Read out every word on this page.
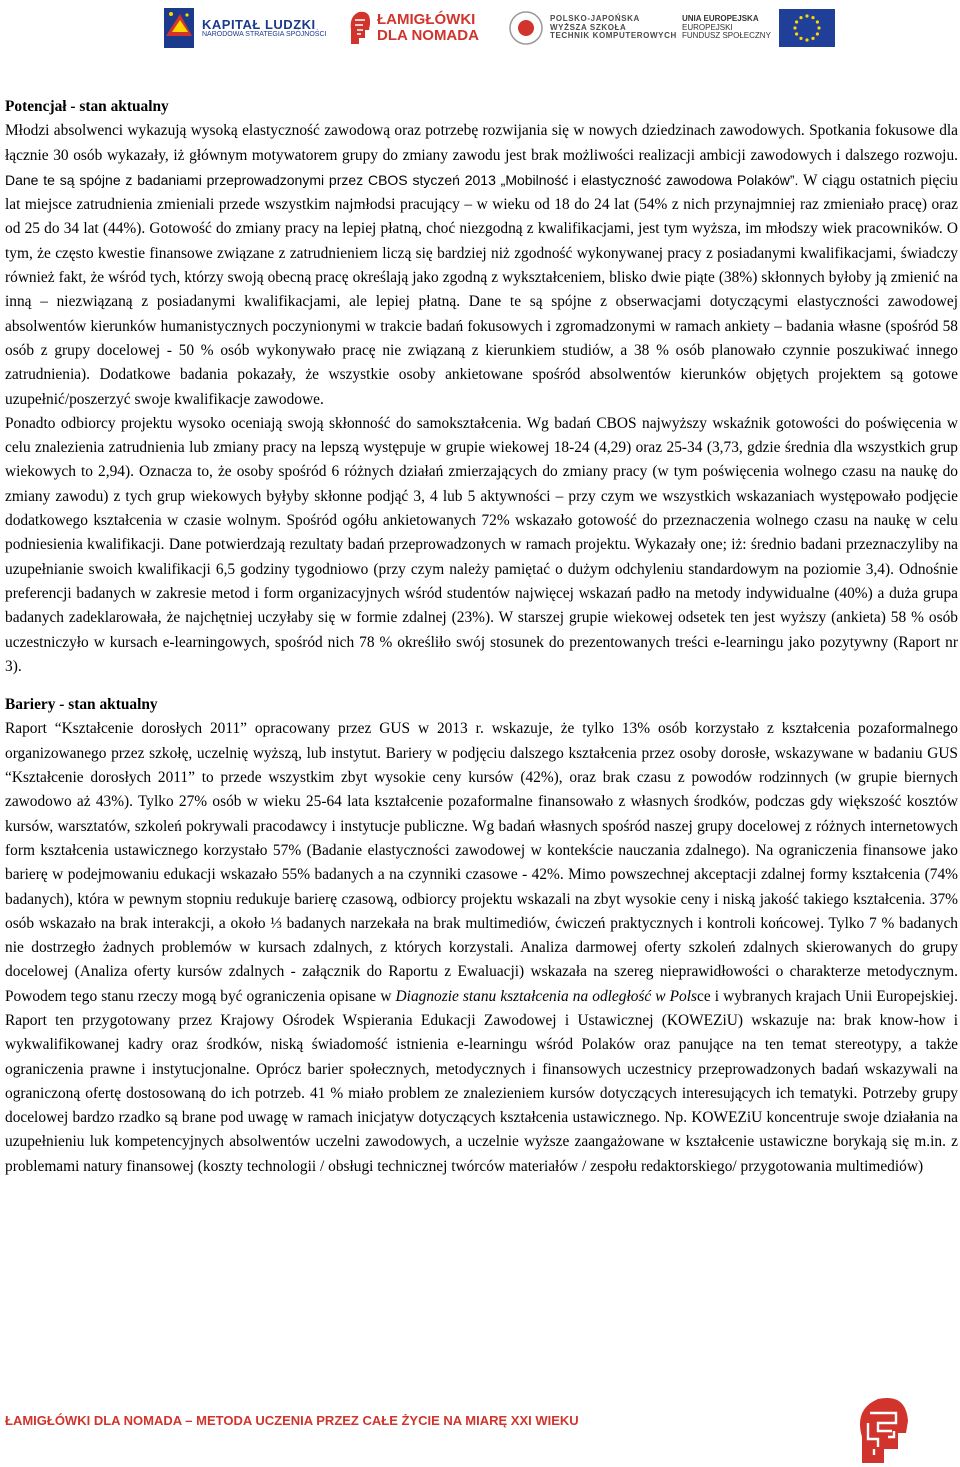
KAPITAŁ LUDZKI
NARODOWA STRATEGIA SPÓJNOŚCI
ŁAMIGŁÓWKI
DLA NOMADA
POLSKO-JAPOŃSKA
WYŻSZA SZKOŁA
TECHNIK KOMPUTEROWYCH
UNIA EUROPEJSKA
EUROPEJSKI
FUNDUSZ SPOŁECZNY

Potencjał - stan aktualny

Młodzi absolwenci wykazują wysoką elastyczność zawodową oraz potrzebę rozwijania się w nowych dziedzinach zawodowych. Spotkania fokusowe dla łącznie 30 osób wykazały, iż głównym motywatorem grupy do zmiany zawodu jest brak możliwości realizacji ambicji zawodowych i dalszego rozwoju. Dane te są spójne z badaniami przeprowadzonymi przez CBOS styczeń 2013 „Mobilność i elastyczność zawodowa Polaków”. W ciągu ostatnich pięciu lat miejsce zatrudnienia zmieniali przede wszystkim najmłodsi pracujący – w wieku od 18 do 24 lat (54% z nich przynajmniej raz zmieniało pracę) oraz od 25 do 34 lat (44%). Gotowość do zmiany pracy na lepiej płatną, choć niezgodną z kwalifikacjami, jest tym wyższa, im młodszy wiek pracowników. O tym, że często kwestie finansowe związane z zatrudnieniem liczą się bardziej niż zgodność wykonywanej pracy z posiadanymi kwalifikacjami, świadczy również fakt, że wśród tych, którzy swoją obecną pracę określają jako zgodną z wykształceniem, blisko dwie piąte (38%) skłonnych byłoby ją zmienić na inną – niezwiązaną z posiadanymi kwalifikacjami, ale lepiej płatną. Dane te są spójne z obserwacjami dotyczącymi elastyczności zawodowej absolwentów kierunków humanistycznych poczynionymi w trakcie badań fokusowych i zgromadzonymi w ramach ankiety – badania własne (spośród 58 osób z grupy docelowej - 50 % osób wykonywało pracę nie związaną z kierunkiem studiów, a 38 % osób planowało czynnie poszukiwać innego zatrudnienia). Dodatkowe badania pokazały, że wszystkie osoby ankietowane spośród absolwentów kierunków objętych projektem są gotowe uzupełnić/poszerzyć swoje kwalifikacje zawodowe.

Ponadto odbiorcy projektu wysoko oceniają swoją skłonność do samokształcenia. Wg badań CBOS najwyższy wskaźnik gotowości do poświęcenia w celu znalezienia zatrudnienia lub zmiany pracy na lepszą występuje w grupie wiekowej 18-24 (4,29) oraz 25-34 (3,73, gdzie średnia dla wszystkich grup wiekowych to 2,94). Oznacza to, że osoby spośród 6 różnych działań zmierzających do zmiany pracy (w tym poświęcenia wolnego czasu na naukę do zmiany zawodu) z tych grup wiekowych byłyby skłonne podjąć 3, 4 lub 5 aktywności – przy czym we wszystkich wskazaniach występowało podjęcie dodatkowego kształcenia w czasie wolnym. Spośród ogółu ankietowanych 72% wskazało gotowość do przeznaczenia wolnego czasu na naukę w celu podniesienia kwalifikacji. Dane potwierdzają rezultaty badań przeprowadzonych w ramach projektu. Wykazały one; iż: średnio badani przeznaczyliby na uzupełnianie swoich kwalifikacji 6,5 godziny tygodniowo (przy czym należy pamiętać o dużym odchyleniu standardowym na poziomie 3,4). Odnośnie preferencji badanych w zakresie metod i form organizacyjnych wśród studentów najwięcej wskazań padło na metody indywidualne (40%) a duża grupa badanych zadeklarowała, że najchętniej uczyłaby się w formie zdalnej (23%). W starszej grupie wiekowej odsetek ten jest wyższy (ankieta) 58 % osób uczestniczyło w kursach e-learningowych, spośród nich 78 % określiło swój stosunek do prezentowanych treści e-learningu jako pozytywny (Raport nr 3).

Bariery - stan aktualny

Raport “Kształcenie dorosłych 2011” opracowany przez GUS w 2013 r. wskazuje, że tylko 13% osób korzystało z kształcenia pozaformalnego organizowanego przez szkołę, uczelnię wyższą, lub instytut. Bariery w podjęciu dalszego kształcenia przez osoby dorosłe, wskazywane w badaniu GUS “Kształcenie dorosłych 2011” to przede wszystkim zbyt wysokie ceny kursów (42%), oraz brak czasu z powodów rodzinnych (w grupie biernych zawodowo aż 43%). Tylko 27% osób w wieku 25-64 lata kształcenie pozaformalne finansowało z własnych środków, podczas gdy większość kosztów kursów, warsztatów, szkoleń pokrywali pracodawcy i instytucje publiczne. Wg badań własnych spośród naszej grupy docelowej z różnych internetowych form kształcenia ustawicznego korzystało 57% (Badanie elastyczności zawodowej w kontekście nauczania zdalnego). Na ograniczenia finansowe jako barierę w podejmowaniu edukacji wskazało 55% badanych a na czynniki czasowe - 42%. Mimo powszechnej akceptacji zdalnej formy kształcenia (74% badanych), która w pewnym stopniu redukuje barierę czasową, odbiorcy projektu wskazali na zbyt wysokie ceny i niską jakość takiego kształcenia. 37% osób wskazało na brak interakcji, a około ⅓ badanych narzekała na brak multimediów, ćwiczeń praktycznych i kontroli końcowej. Tylko 7 % badanych nie dostrzegło żadnych problemów w kursach zdalnych, z których korzystali. Analiza darmowej oferty szkoleń zdalnych skierowanych do grupy docelowej (Analiza oferty kursów zdalnych - załącznik do Raportu z Ewaluacji) wskazała na szereg nieprawidłowości o charakterze metodycznym. Powodem tego stanu rzeczy mogą być ograniczenia opisane w Diagnozie stanu kształcenia na odległość w Polsce i wybranych krajach Unii Europejskiej. Raport ten przygotowany przez Krajowy Ośrodek Wspierania Edukacji Zawodowej i Ustawicznej (KOWEZiU) wskazuje na: brak know-how i wykwalifikowanej kadry oraz środków, niską świadomość istnienia e-learningu wśród Polaków oraz panujące na ten temat stereotypy, a także ograniczenia prawne i instytucjonalne. Oprócz barier społecznych, metodycznych i finansowych uczestnicy przeprowadzonych badań wskazywali na ograniczoną ofertę dostosowaną do ich potrzeb. 41 % miało problem ze znalezieniem kursów dotyczących interesujących ich tematyki. Potrzeby grupy docelowej bardzo rzadko są brane pod uwagę w ramach inicjatyw dotyczących kształcenia ustawicznego. Np. KOWEZiU koncentruje swoje działania na uzupełnieniu luk kompetencyjnych absolwentów uczelni zawodowych, a uczelnie wyższe zaangażowane w kształcenie ustawiczne borykają się m.in. z problemami natury finansowej (koszty technologii / obsługi technicznej twórców materiałów / zespołu redaktorskiego/ przygotowania multimediów)

ŁAMIGŁÓWKI DLA NOMADA – METODA UCZENIA PRZEZ CAŁE ŻYCIE NA MIARĘ XXI WIEKU
